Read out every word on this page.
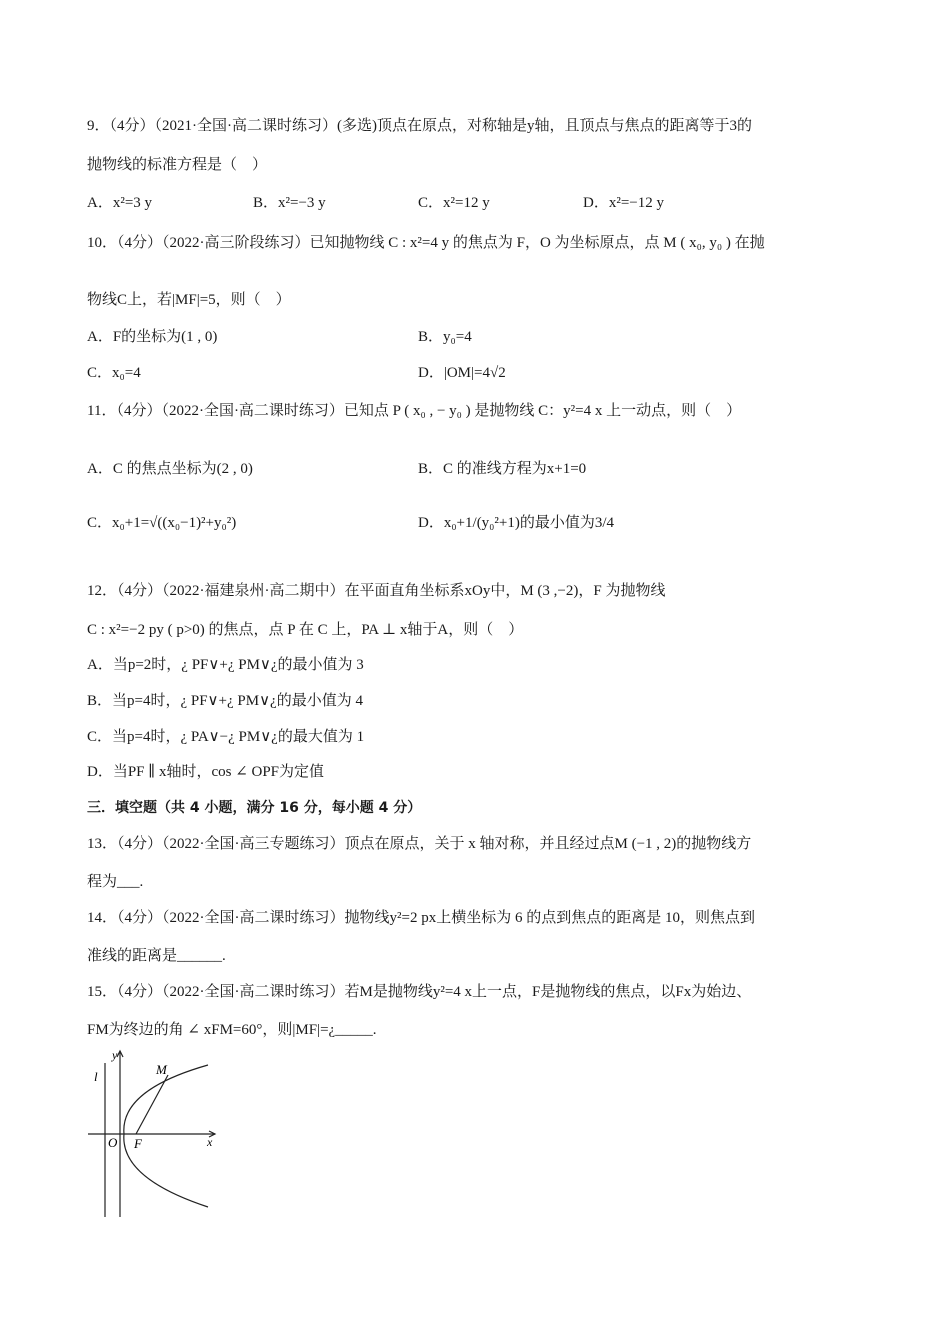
9．（4分）（2021·全国·高二课时练习）(多选)顶点在原点，对称轴是y轴，且顶点与焦点的距离等于3的
抛物线的标准方程是（　）
A．x²=3 y	B．x²=−3 y	C．x²=12 y	D．x²=−12 y
10．（4分）（2022·高三阶段练习）已知抛物线 C : x²=4 y 的焦点为 F，O 为坐标原点，点 M ( x₀, y₀ ) 在抛
物线C上，若|MF|=5，则（　）
A．F的坐标为(1 , 0)	B．y₀=4
C．x₀=4	D．|OM|=4√2
11．（4分）（2022·全国·高二课时练习）已知点 P ( x₀ , − y₀ ) 是抛物线 C：y²=4 x 上一动点，则（　）
A．C 的焦点坐标为(2 , 0)	B．C 的准线方程为x+1=0
C．x₀+1=√((x₀−1)²+y₀²)	D．x₀+1/(y₀²+1)的最小值为3/4
12．（4分）（2022·福建泉州·高二期中）在平面直角坐标系xOy中，M (3 ,−2)，F 为抛物线
C : x²=−2 py ( p>0) 的焦点，点 P 在 C 上，PA ⊥ x轴于A，则（　）
A．当p=2时，¿ PF∨+¿ PM∨¿的最小值为 3
B．当p=4时，¿ PF∨+¿ PM∨¿的最小值为 4
C．当p=4时，¿ PA∨−¿ PM∨¿的最大值为 1
D．当PF ∥ x轴时，cos ∠ OPF为定值
三．填空题（共 4 小题，满分 16 分，每小题 4 分）
13．（4分）（2022·全国·高三专题练习）顶点在原点，关于 x 轴对称，并且经过点M (−1 , 2)的抛物线方
程为___.
14．（4分）（2022·全国·高二课时练习）抛物线y²=2 px上横坐标为 6 的点到焦点的距离是 10，则焦点到
准线的距离是______.
15．（4分）（2022·全国·高二课时练习）若M是抛物线y²=4 x上一点，F是抛物线的焦点，以Fx为始边、
FM为终边的角 ∠ xFM=60°，则|MF|=¿_____.
y
l	M
O F	x
